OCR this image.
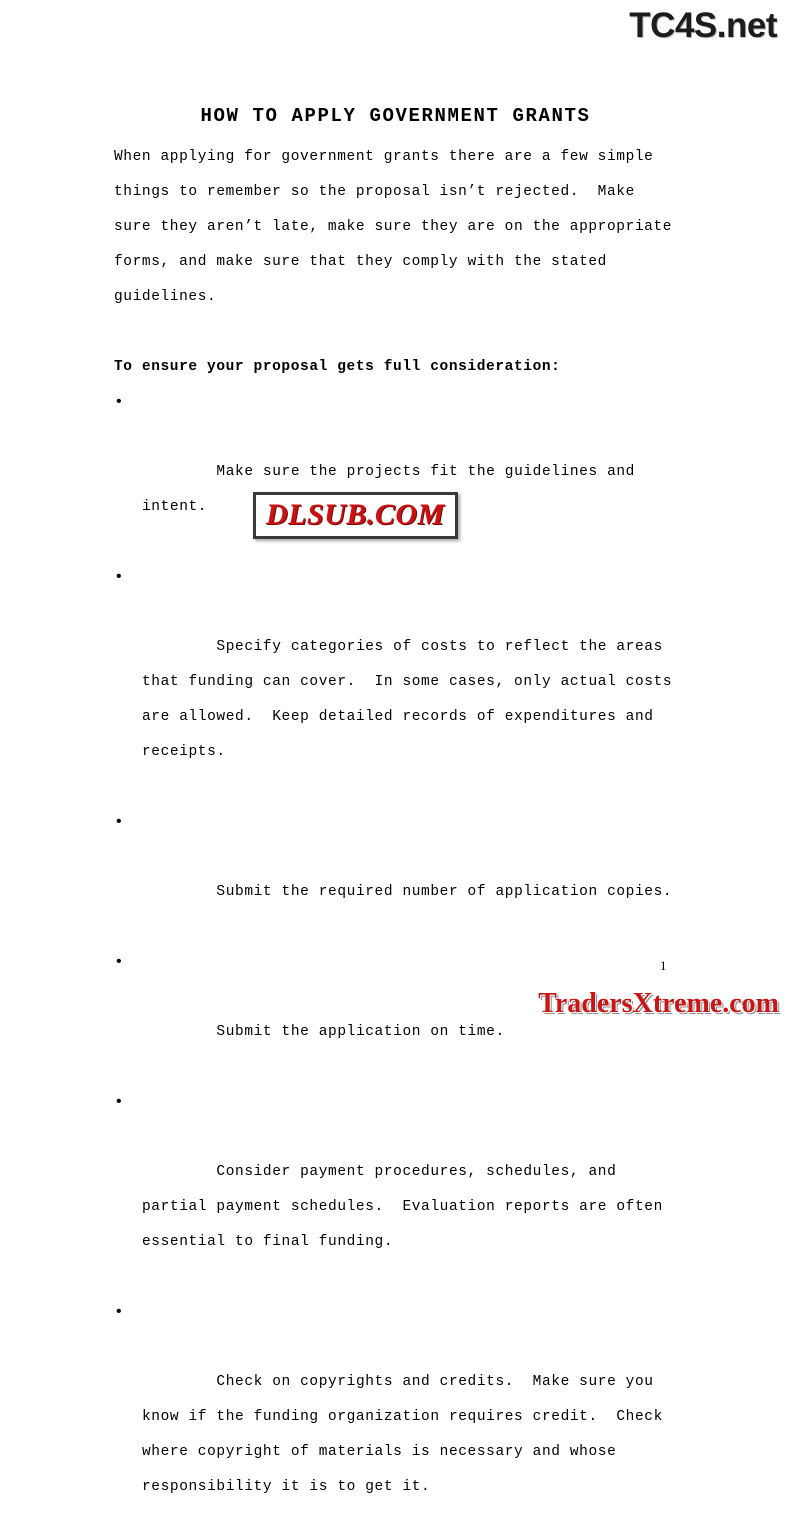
TC4S.net
HOW TO APPLY GOVERNMENT GRANTS

When applying for government grants there are a few simple things to remember so the proposal isn’t rejected.  Make sure they aren’t late, make sure they are on the appropriate forms, and make sure that they comply with the stated guidelines.

To ensure your proposal gets full consideration:

•

Make sure the projects fit the guidelines and intent.

•

Specify categories of costs to reflect the areas that funding can cover.  In some cases, only actual costs are allowed.  Keep detailed records of expenditures and receipts.

•

Submit the required number of application copies.

•

Submit the application on time.

•

Consider payment procedures, schedules, and partial payment schedules.  Evaluation reports are often essential to final funding.

•

Check on copyrights and credits.  Make sure you know if the funding organization requires credit.  Check where copyright of materials is necessary and whose responsibility it is to get it.

DLSUB.COM
1
TradersXtreme.com
